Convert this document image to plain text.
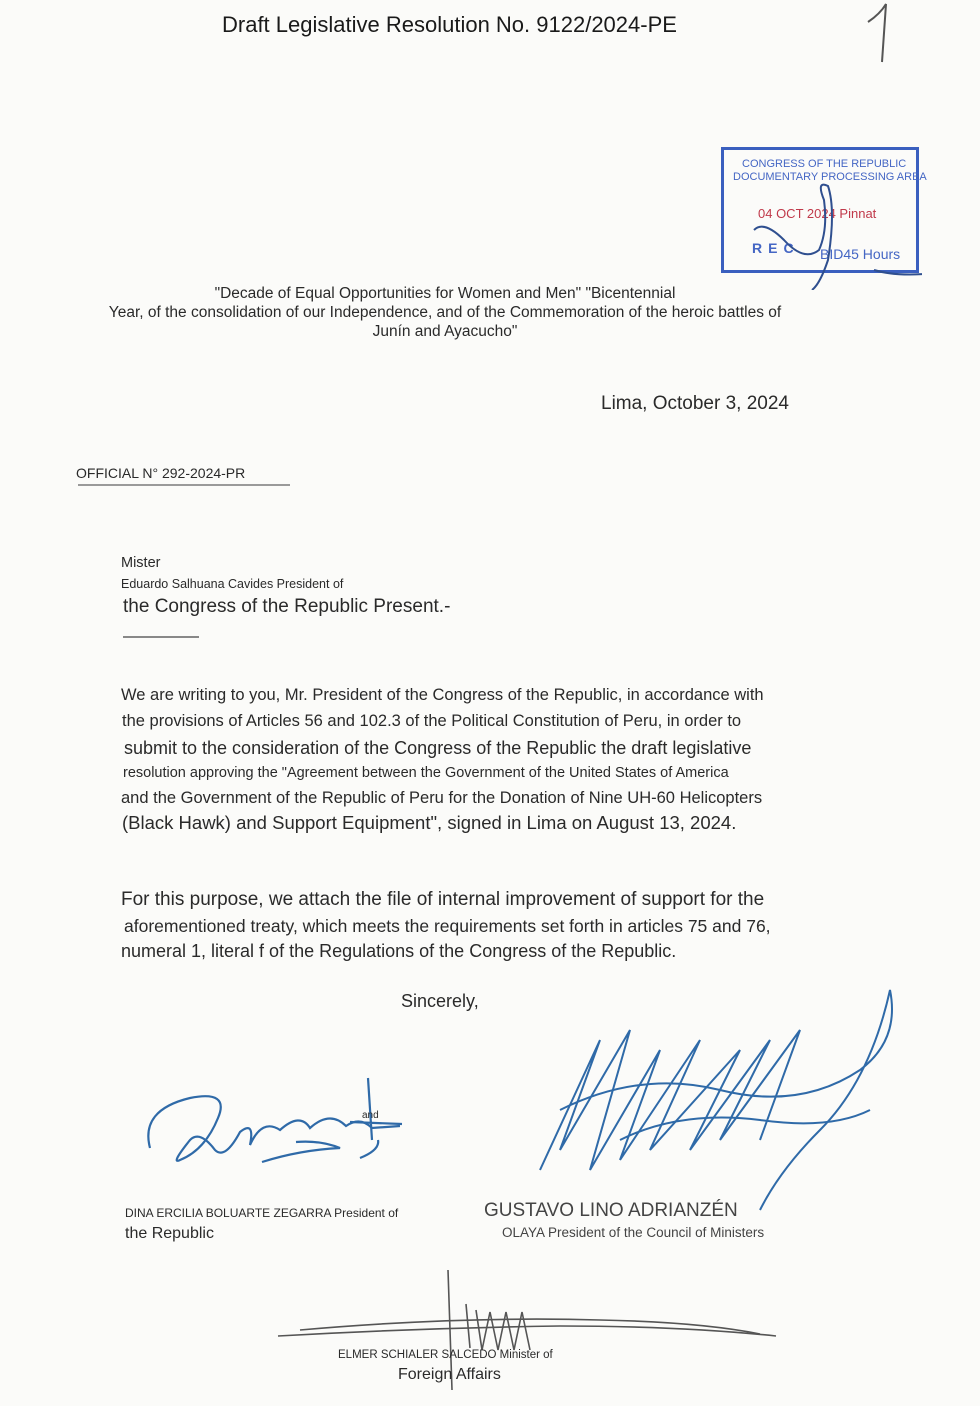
Draft Legislative Resolution No. 9122/2024-PE
CONGRESS OF THE REPUBLIC
DOCUMENTARY PROCESSING AREA
04 OCT 2024 Pinnat
REC BID45 Hours
"Decade of Equal Opportunities for Women and Men" "Bicentennial
Year, of the consolidation of our Independence, and of the Commemoration of the heroic battles of
Junín and Ayacucho"
Lima, October 3, 2024
OFFICIAL N° 292-2024-PR
Mister
Eduardo Salhuana Cavides President of
the Congress of the Republic Present.-
We are writing to you, Mr. President of the Congress of the Republic, in accordance with
the provisions of Articles 56 and 102.3 of the Political Constitution of Peru, in order to
submit to the consideration of the Congress of the Republic the draft legislative
resolution approving the "Agreement between the Government of the United States of America
and the Government of the Republic of Peru for the Donation of Nine UH-60 Helicopters
(Black Hawk) and Support Equipment", signed in Lima on August 13, 2024.
For this purpose, we attach the file of internal improvement of support for the
aforementioned treaty, which meets the requirements set forth in articles 75 and 76,
numeral 1, literal f of the Regulations of the Congress of the Republic.
Sincerely,
and
DINA ERCILIA BOLUARTE ZEGARRA President of
the Republic
GUSTAVO LINO ADRIANZÉN
OLAYA President of the Council of Ministers
ELMER SCHIALER SALCEDO Minister of
Foreign Affairs
